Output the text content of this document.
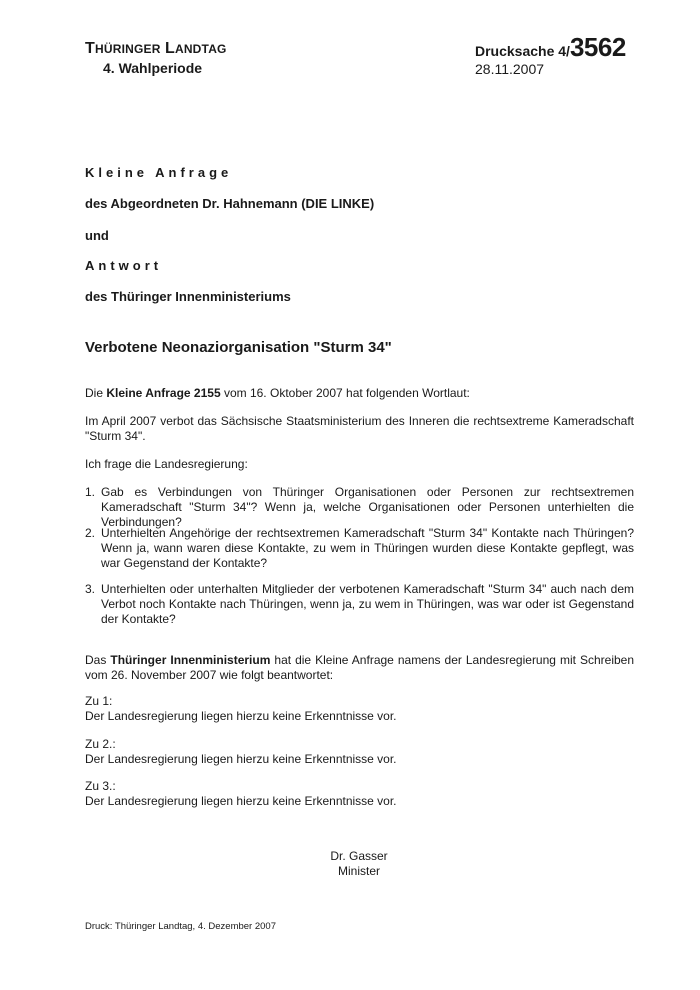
THÜRINGER LANDTAG
4. Wahlperiode
Drucksache 4/3562
28.11.2007
Kleine Anfrage
des Abgeordneten Dr. Hahnemann (DIE LINKE)
und
Antwort
des Thüringer Innenministeriums
Verbotene Neonaziorganisation "Sturm 34"
Die Kleine Anfrage 2155 vom 16. Oktober 2007 hat folgenden Wortlaut:
Im April 2007 verbot das Sächsische Staatsministerium des Inneren die rechtsextreme Kameradschaft "Sturm 34".
Ich frage die Landesregierung:
1. Gab es Verbindungen von Thüringer Organisationen oder Personen zur rechtsextremen Kameradschaft "Sturm 34"? Wenn ja, welche Organisationen oder Personen unterhielten die Verbindungen?
2. Unterhielten Angehörige der rechtsextremen Kameradschaft "Sturm 34" Kontakte nach Thüringen? Wenn ja, wann waren diese Kontakte, zu wem in Thüringen wurden diese Kontakte gepflegt, was war Gegenstand der Kontakte?
3. Unterhielten oder unterhalten Mitglieder der verbotenen Kameradschaft "Sturm 34" auch nach dem Verbot noch Kontakte nach Thüringen, wenn ja, zu wem in Thüringen, was war oder ist Gegenstand der Kontakte?
Das Thüringer Innenministerium hat die Kleine Anfrage namens der Landesregierung mit Schreiben vom 26. November 2007 wie folgt beantwortet:
Zu 1:
Der Landesregierung liegen hierzu keine Erkenntnisse vor.
Zu 2.:
Der Landesregierung liegen hierzu keine Erkenntnisse vor.
Zu 3.:
Der Landesregierung liegen hierzu keine Erkenntnisse vor.
Dr. Gasser
Minister
Druck: Thüringer Landtag, 4. Dezember 2007
